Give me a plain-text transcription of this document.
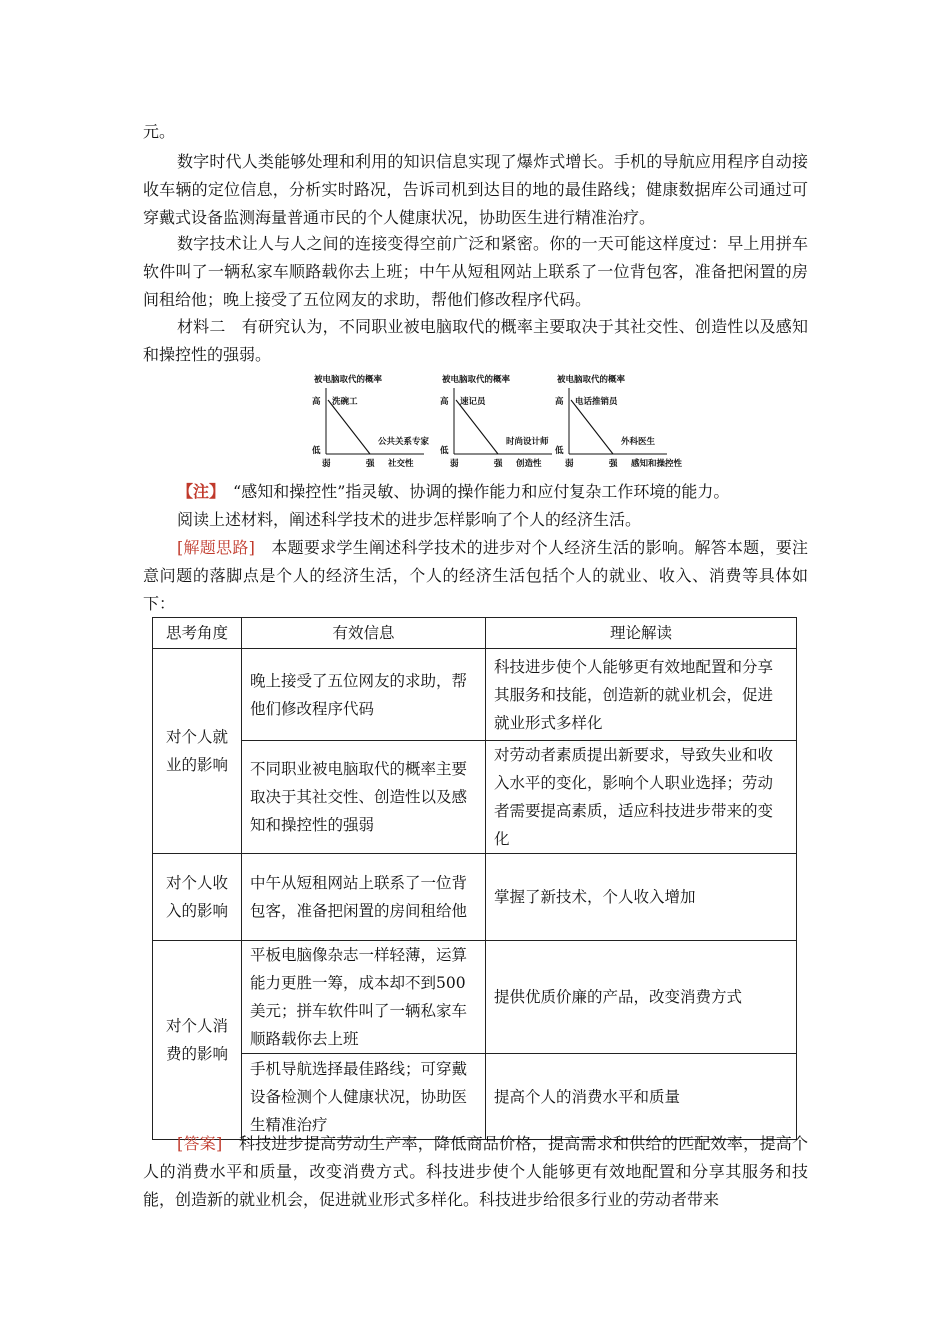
元。

数字时代人类能够处理和利用的知识信息实现了爆炸式增长。手机的导航应用程序自动接收车辆的定位信息，分析实时路况，告诉司机到达目的地的最佳路线；健康数据库公司通过可穿戴式设备监测海量普通市民的个人健康状况，协助医生进行精准治疗。

数字技术让人与人之间的连接变得空前广泛和紧密。你的一天可能这样度过：早上用拼车软件叫了一辆私家车顺路载你去上班；中午从短租网站上联系了一位背包客，准备把闲置的房间租给他；晚上接受了五位网友的求助，帮他们修改程序代码。

材料二　有研究认为，不同职业被电脑取代的概率主要取决于其社交性、创造性以及感知和操控性的强弱。

被电脑取代的概率
高
低
弱	强 社交性
洗碗工
公共关系专家
被电脑取代的概率
高
低
弱	强 创造性
速记员
时尚设计师
被电脑取代的概率
高
低
弱	强 感知和操控性
电话推销员
外科医生

【注】　“感知和操控性”指灵敏、协调的操作能力和应付复杂工作环境的能力。

阅读上述材料，阐述科学技术的进步怎样影响了个人的经济生活。

[解题思路]　本题要求学生阐述科学技术的进步对个人经济生活的影响。解答本题，要注意问题的落脚点是个人的经济生活，个人的经济生活包括个人的就业、收入、消费等具体如下：

思考角度	有效信息	理论解读
对个人就业的影响	晚上接受了五位网友的求助，帮他们修改程序代码	科技进步使个人能够更有效地配置和分享其服务和技能，创造新的就业机会，促进就业形式多样化
	不同职业被电脑取代的概率主要取决于其社交性、创造性以及感知和操控性的强弱	对劳动者素质提出新要求，导致失业和收入水平的变化，影响个人职业选择；劳动者需要提高素质，适应科技进步带来的变化
对个人收入的影响	中午从短租网站上联系了一位背包客，准备把闲置的房间租给他	掌握了新技术，个人收入增加
对个人消费的影响	平板电脑像杂志一样轻薄，运算能力更胜一筹，成本却不到500美元；拼车软件叫了一辆私家车顺路载你去上班	提供优质价廉的产品，改变消费方式
	手机导航选择最佳路线；可穿戴设备检测个人健康状况，协助医生精准治疗	提高个人的消费水平和质量

[答案]　科技进步提高劳动生产率，降低商品价格，提高需求和供给的匹配效率，提高个人的消费水平和质量，改变消费方式。科技进步使个人能够更有效地配置和分享其服务和技能，创造新的就业机会，促进就业形式多样化。科技进步给很多行业的劳动者带来
